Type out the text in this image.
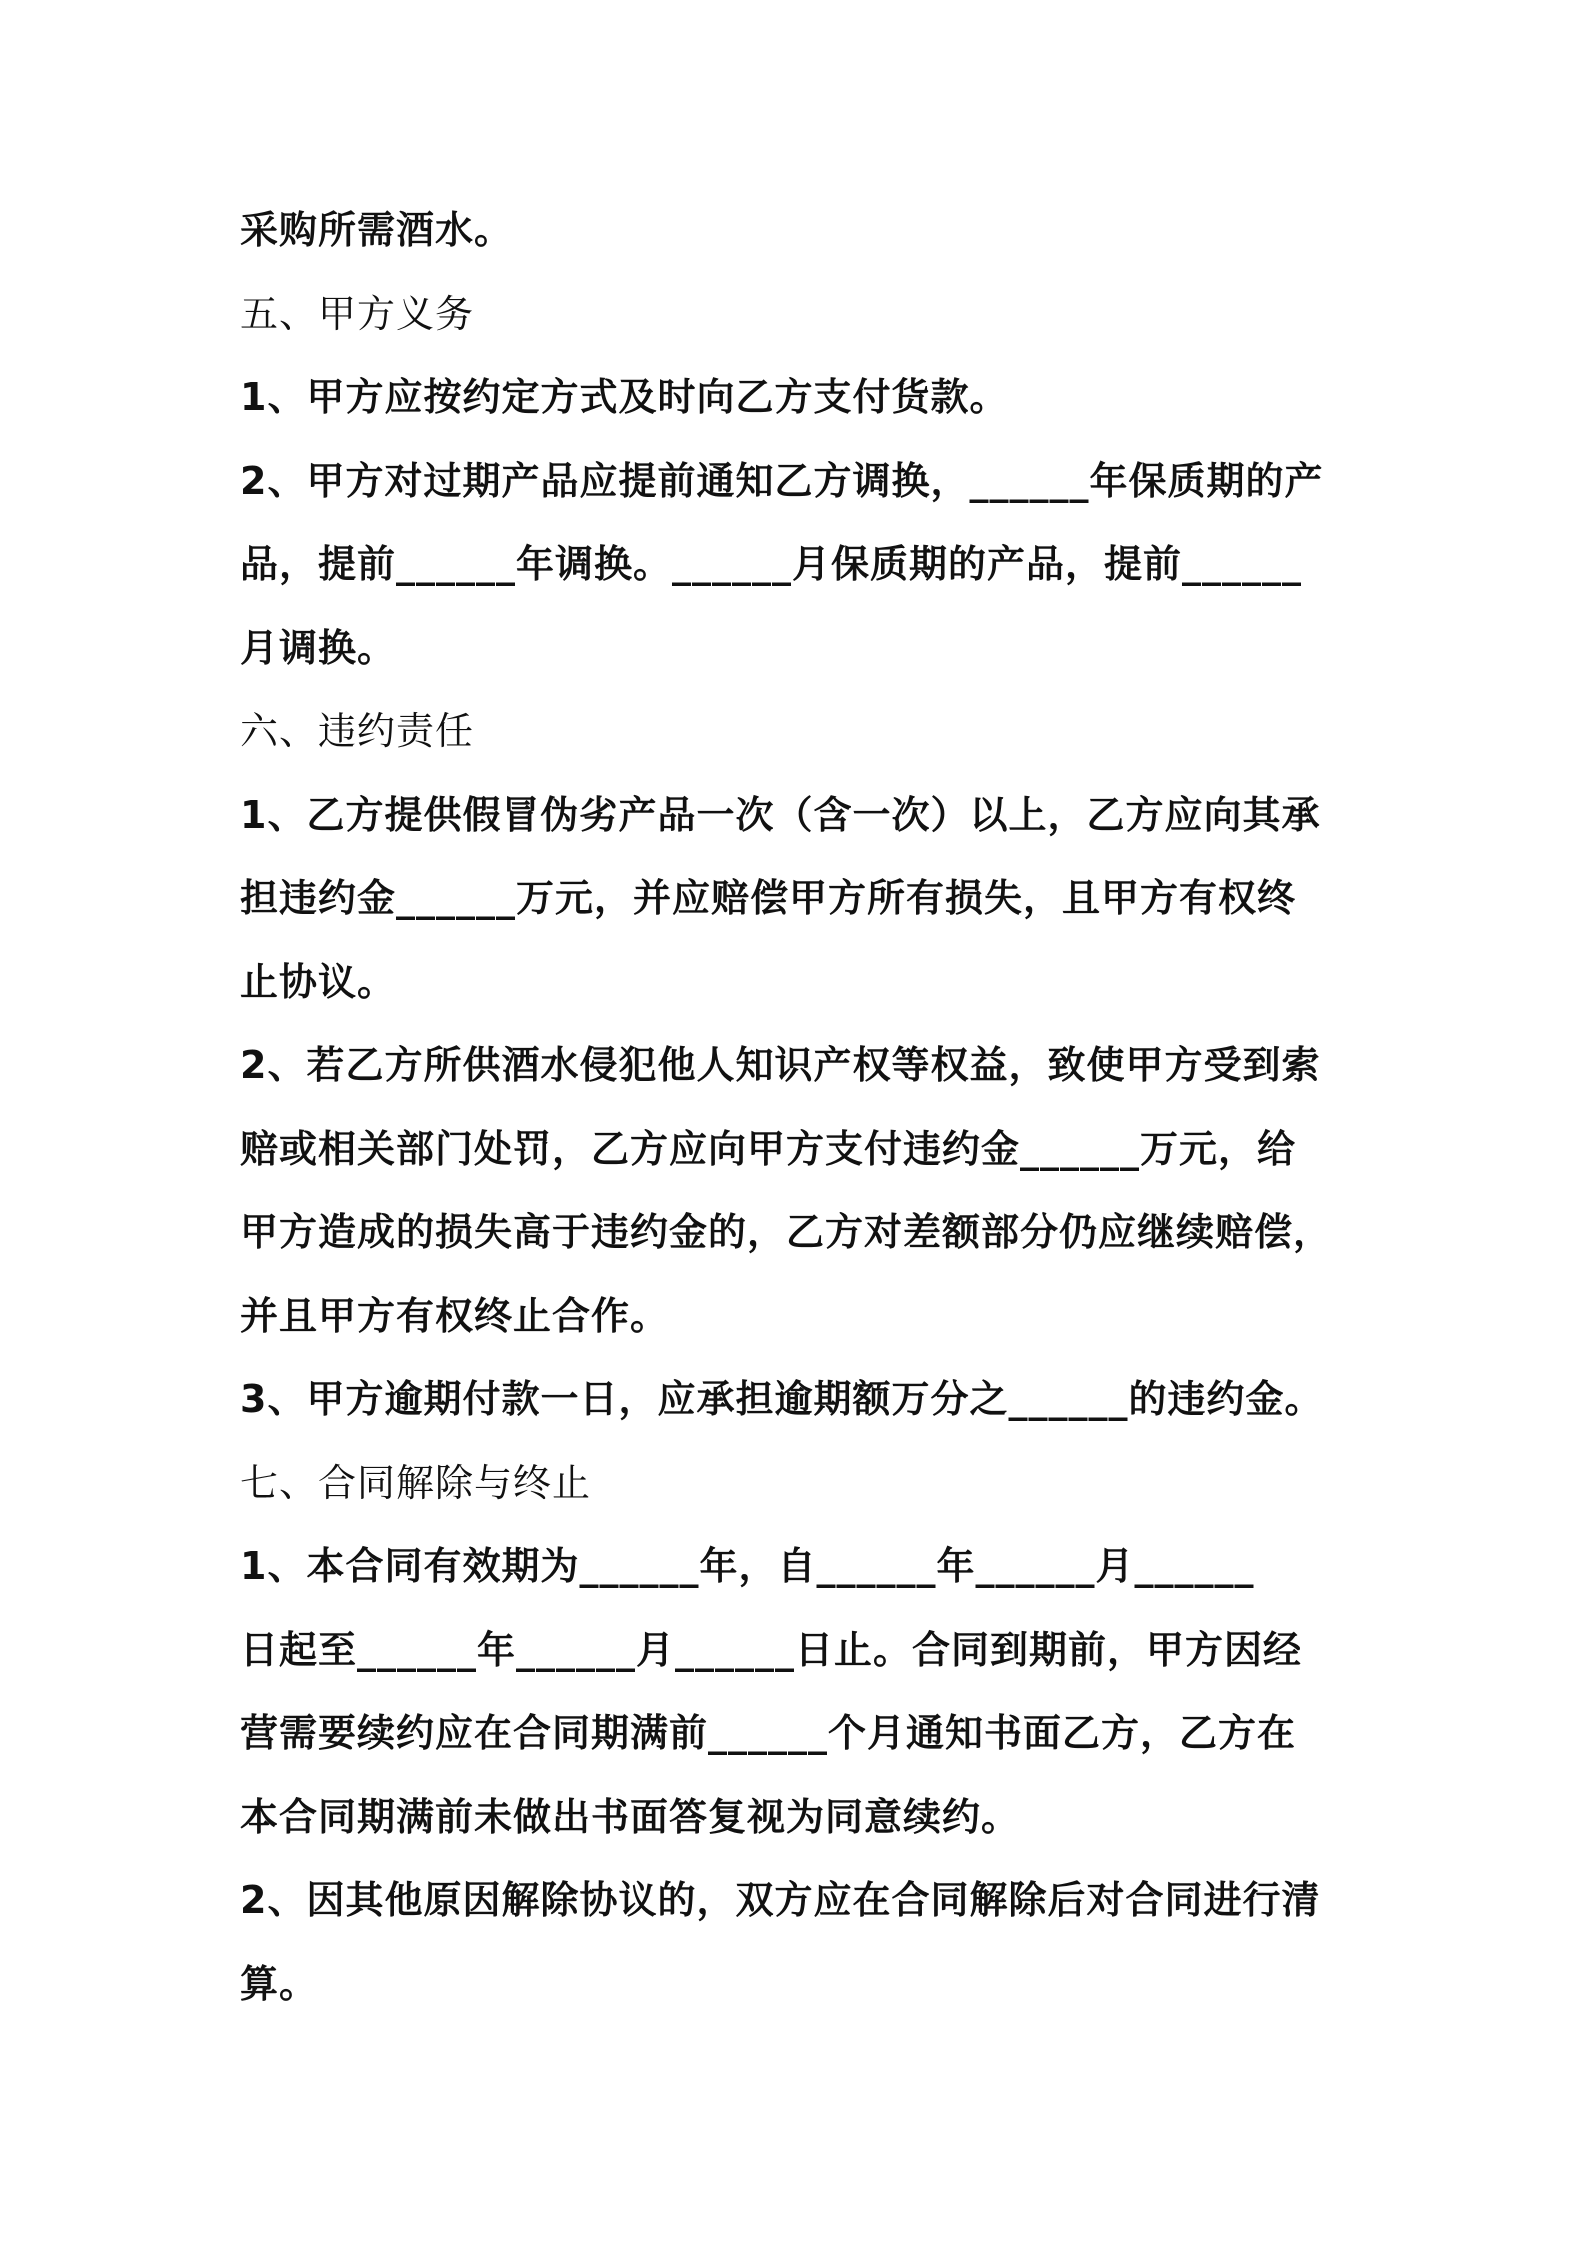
采购所需酒水。

五、甲方义务

1、甲方应按约定方式及时向乙方支付货款。

2、甲方对过期产品应提前通知乙方调换，______年保质期的产

品，提前______年调换。______月保质期的产品，提前______

月调换。

六、违约责任

1、乙方提供假冒伪劣产品一次（含一次）以上，乙方应向其承

担违约金______万元，并应赔偿甲方所有损失，且甲方有权终

止协议。

2、若乙方所供酒水侵犯他人知识产权等权益，致使甲方受到索

赔或相关部门处罚，乙方应向甲方支付违约金______万元，给

甲方造成的损失高于违约金的，乙方对差额部分仍应继续赔偿，

并且甲方有权终止合作。

3、甲方逾期付款一日，应承担逾期额万分之______的违约金。

七、合同解除与终止

1、本合同有效期为______年，自______年______月______

日起至______年______月______日止。合同到期前，甲方因经

营需要续约应在合同期满前______个月通知书面乙方，乙方在

本合同期满前未做出书面答复视为同意续约。

2、因其他原因解除协议的，双方应在合同解除后对合同进行清

算。
